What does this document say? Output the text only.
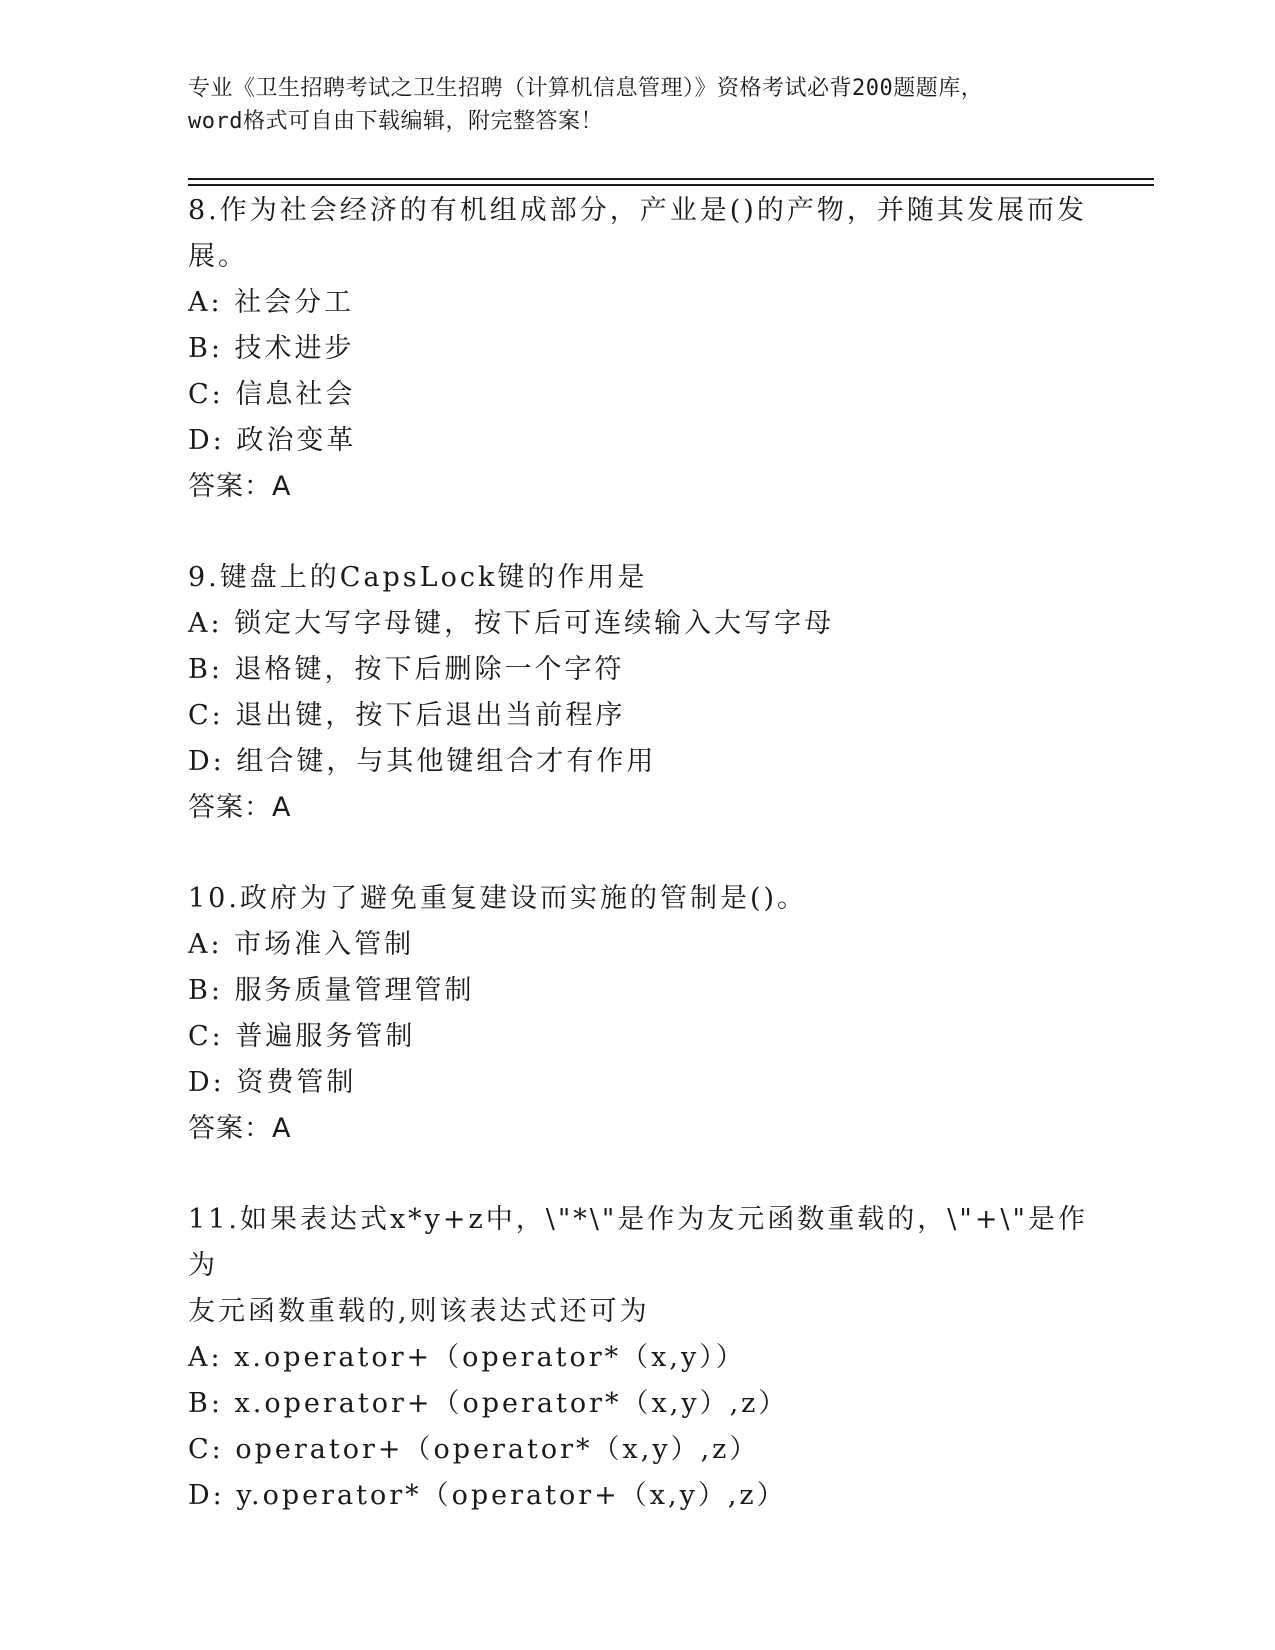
专业《卫生招聘考试之卫生招聘（计算机信息管理）》资格考试必背200题题库，
word格式可自由下载编辑，附完整答案！
8.作为社会经济的有机组成部分，产业是()的产物，并随其发展而发
展。
A: 社会分工
B: 技术进步
C: 信息社会
D: 政治变革
答案：A
9.键盘上的CapsLock键的作用是
A: 锁定大写字母键，按下后可连续输入大写字母
B: 退格键，按下后删除一个字符
C: 退出键，按下后退出当前程序
D: 组合键，与其他键组合才有作用
答案：A
10.政府为了避免重复建设而实施的管制是()。
A: 市场准入管制
B: 服务质量管理管制
C: 普遍服务管制
D: 资费管制
答案：A
11.如果表达式x*y+z中，\"*\"是作为友元函数重载的，\"+\"是作为
友元函数重载的,则该表达式还可为
A: x.operator+（operator*（x,y））
B: x.operator+（operator*（x,y）,z）
C: operator+（operator*（x,y）,z）
D: y.operator*（operator+（x,y）,z）
